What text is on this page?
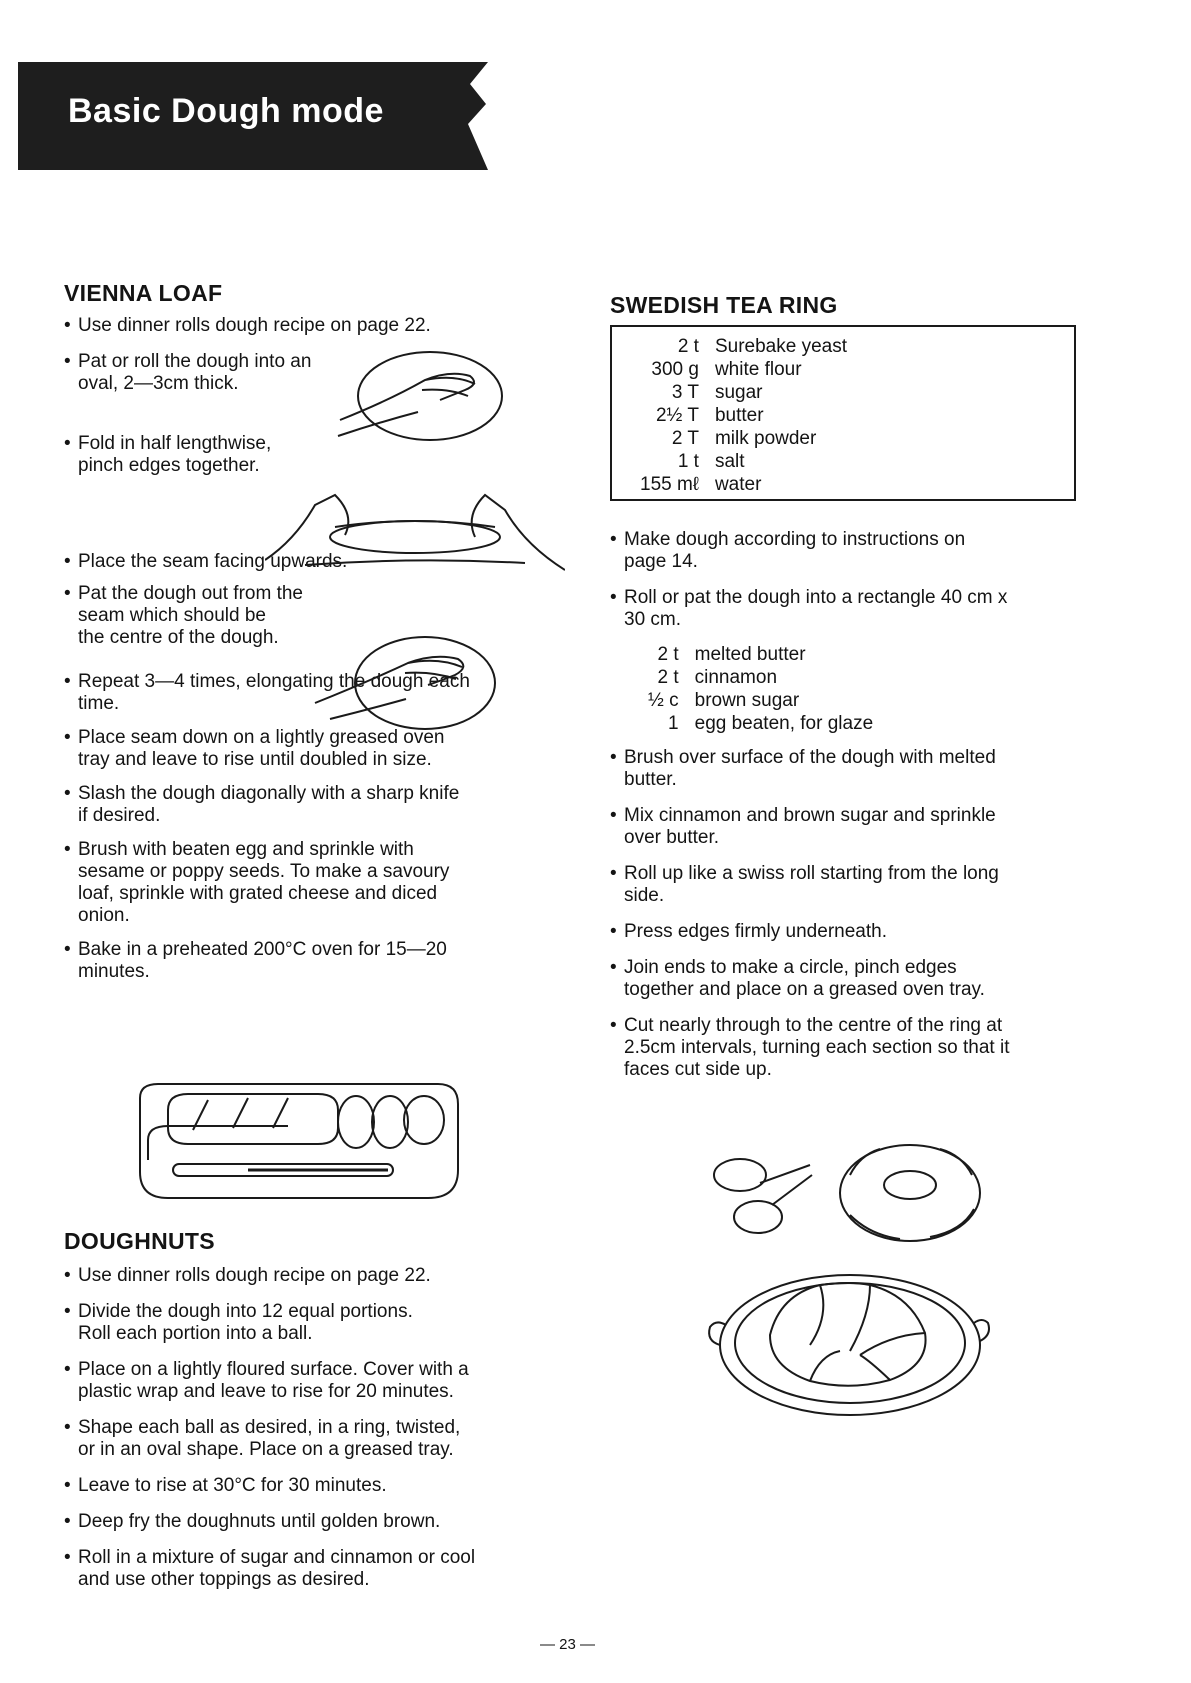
Basic Dough mode
VIENNA LOAF

• Use dinner rolls dough recipe on page 22.

• Pat or roll the dough into an
oval, 2—3cm thick.

• Fold in half lengthwise,
pinch edges together.

• Place the seam facing upwards.

• Pat the dough out from the
seam which should be
the centre of the dough.

• Repeat 3—4 times, elongating the dough each
time.

• Place seam down on a lightly greased oven
tray and leave to rise until doubled in size.

• Slash the dough diagonally with a sharp knife
if desired.

• Brush with beaten egg and sprinkle with
sesame or poppy seeds. To make a savoury
loaf, sprinkle with grated cheese and diced
onion.

• Bake in a preheated 200°C oven for 15—20
minutes.

DOUGHNUTS

• Use dinner rolls dough recipe on page 22.

• Divide the dough into 12 equal portions.
Roll each portion into a ball.

• Place on a lightly floured surface. Cover with a
plastic wrap and leave to rise for 20 minutes.

• Shape each ball as desired, in a ring, twisted,
or in an oval shape. Place on a greased tray.

• Leave to rise at 30°C for 30 minutes.

• Deep fry the doughnuts until golden brown.

• Roll in a mixture of sugar and cinnamon or cool
and use other toppings as desired.

SWEDISH TEA RING
2 t	Surebake yeast
300 g	white flour
3 T	sugar
2½ T	butter
2 T	milk powder
1 t	salt
155 mℓ	water

• Make dough according to instructions on
page 14.

• Roll or pat the dough into a rectangle 40 cm x
30 cm.

2 t	melted butter
2 t	cinnamon
½ c	brown sugar
1	egg beaten, for glaze

• Brush over surface of the dough with melted
butter.

• Mix cinnamon and brown sugar and sprinkle
over butter.

• Roll up like a swiss roll starting from the long
side.

• Press edges firmly underneath.

• Join ends to make a circle, pinch edges
together and place on a greased oven tray.

• Cut nearly through to the centre of the ring at
2.5cm intervals, turning each section so that it
faces cut side up.

— 23 —
